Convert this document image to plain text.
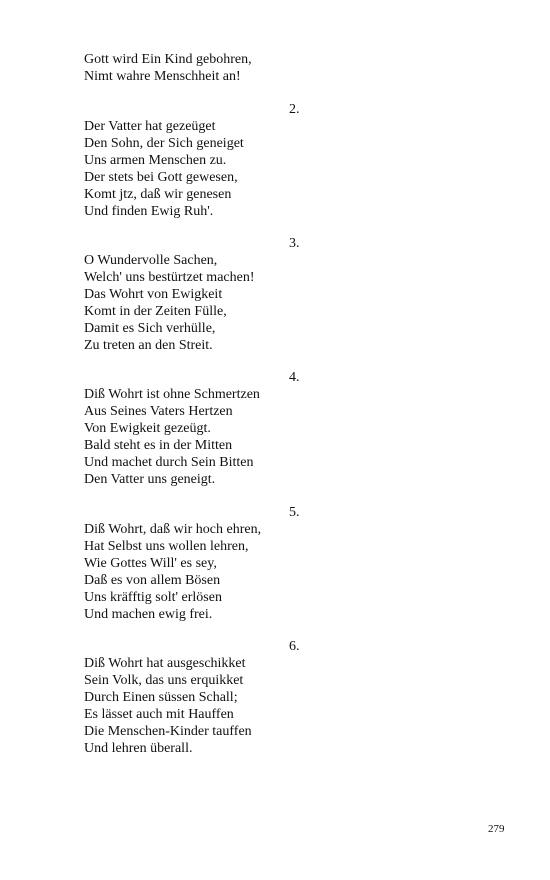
Gott wird Ein Kind gebohren,
Nimt wahre Menschheit an!
2.
Der Vatter hat gezeüget
Den Sohn, der Sich geneiget
Uns armen Menschen zu.
Der stets bei Gott gewesen,
Komt jtz, daß wir genesen
Und finden Ewig Ruh'.
3.
O Wundervolle Sachen,
Welch' uns bestürtzet machen!
Das Wohrt von Ewigkeit
Komt in der Zeiten Fülle,
Damit es Sich verhülle,
Zu treten an den Streit.
4.
Diß Wohrt ist ohne Schmertzen
Aus Seines Vaters Hertzen
Von Ewigkeit gezeügt.
Bald steht es in der Mitten
Und machet durch Sein Bitten
Den Vatter uns geneigt.
5.
Diß Wohrt, daß wir hoch ehren,
Hat Selbst uns wollen lehren,
Wie Gottes Will' es sey,
Daß es von allem Bösen
Uns kräfftig solt' erlösen
Und machen ewig frei.
6.
Diß Wohrt hat ausgeschikket
Sein Volk, das uns erquikket
Durch Einen süssen Schall;
Es lässet auch mit Hauffen
Die Menschen-Kinder tauffen
Und lehren überall.
279
